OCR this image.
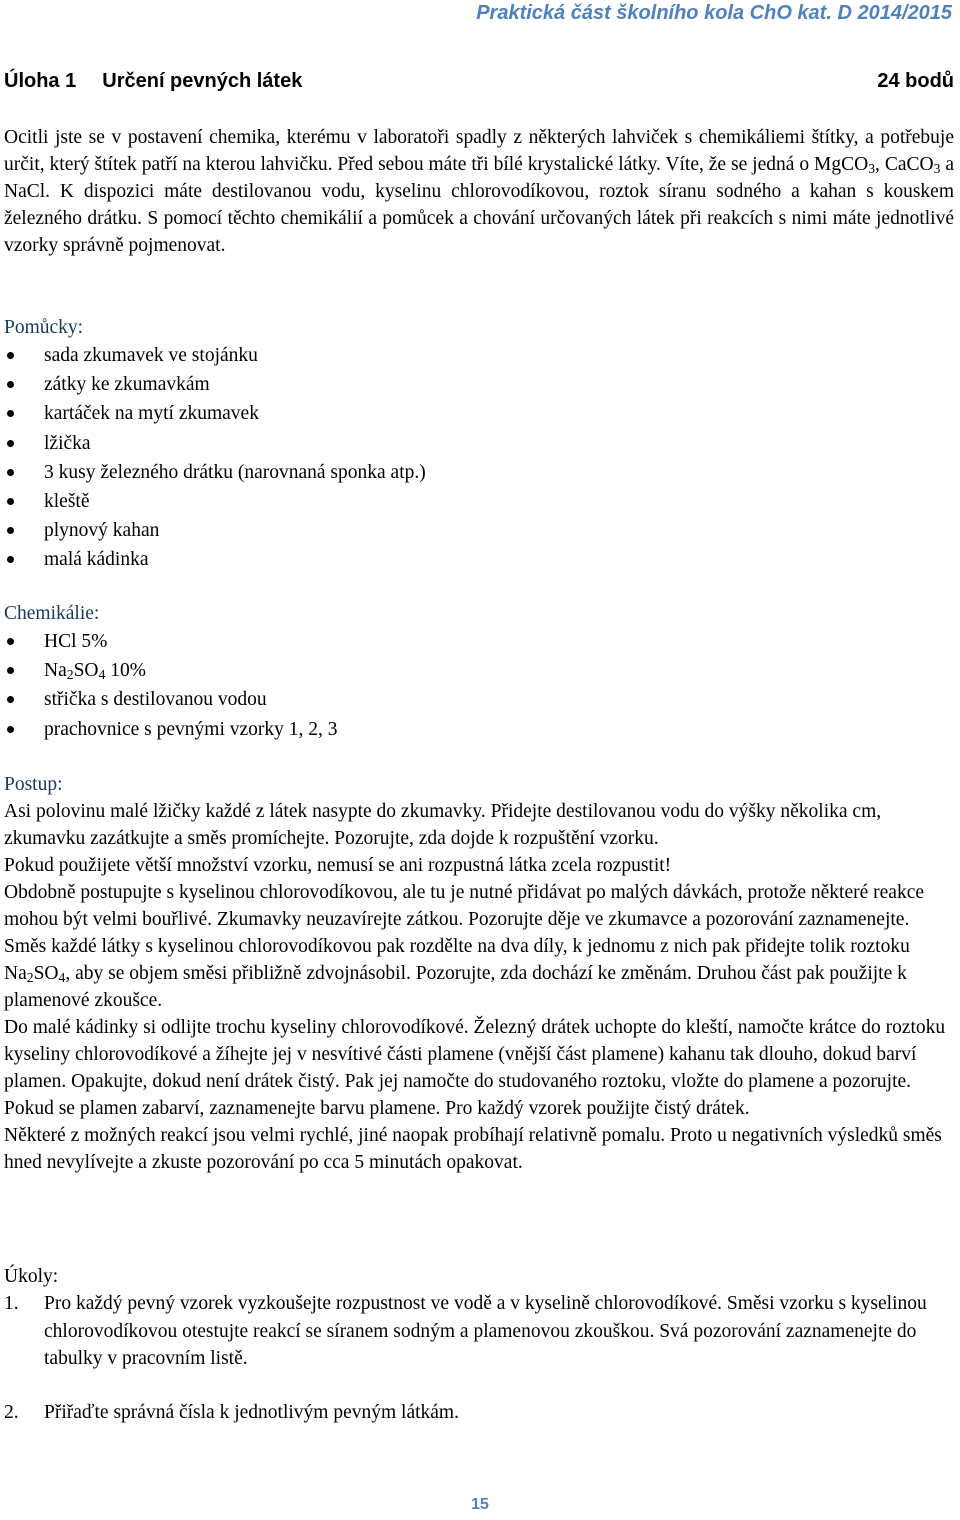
Praktická část školního kola ChO kat. D 2014/2015
Úloha 1 Určení pevných látek	24 bodů
Ocitli jste se v postavení chemika, kterému v laboratoři spadly z některých lahviček s chemikáliemi štítky, a potřebuje určit, který štítek patří na kterou lahvičku. Před sebou máte tři bílé krystalické látky. Víte, že se jedná o MgCO$_3$, CaCO$_3$ a NaCl. K dispozici máte destilovanou vodu, kyselinu chlorovodíkovou, roztok síranu sodného a kahan s kouskem železného drátku. S pomocí těchto chemikálií a pomůcek a chování určovaných látek při reakcích s nimi máte jednotlivé vzorky správně pojmenovat.
Pomůcky:
sada zkumavek ve stojánku
zátky ke zkumavkám
kartáček na mytí zkumavek
lžička
3 kusy železného drátku (narovnaná sponka atp.)
kleště
plynový kahan
malá kádinka
Chemikálie:
HCl 5%
$Na_2SO_4$ 10%
střička s destilovanou vodou
prachovnice s pevnými vzorky 1, 2, 3
Postup:

Asi polovinu malé lžičky každé z látek nasypte do zkumavky. Přidejte destilovanou vodu do výšky několika cm, zkumavku zazátkujte a směs promíchejte. Pozorujte, zda dojde k rozpuštění vzorku.

Pokud použijete větší množství vzorku, nemusí se ani rozpustná látka zcela rozpustit!

Obdobně postupujte s kyselinou chlorovodíkovou, ale tu je nutné přidávat po malých dávkách, protože některé reakce mohou být velmi bouřlivé. Zkumavky neuzavírejte zátkou. Pozorujte děje ve zkumavce a pozorování zaznamenejte.

Směs každé látky s kyselinou chlorovodíkovou pak rozdělte na dva díly, k jednomu z nich pak přidejte tolik roztoku $Na_2SO_4$, aby se objem směsi přibližně zdvojnásobil. Pozorujte, zda dochází ke změnám. Druhou část pak použijte k plamenové zkoušce.

Do malé kádinky si odlijte trochu kyseliny chlorovodíkové. Železný drátek uchopte do kleští, namočte krátce do roztoku kyseliny chlorovodíkové a žíhejte jej v nesvítivé části plamene (vnější část plamene) kahanu tak dlouho, dokud barví plamen. Opakujte, dokud není drátek čistý. Pak jej namočte do studovaného roztoku, vložte do plamene a pozorujte. Pokud se plamen zabarví, zaznamenejte barvu plamene. Pro každý vzorek použijte čistý drátek.

Některé z možných reakcí jsou velmi rychlé, jiné naopak probíhají relativně pomalu. Proto u negativních výsledků směs hned nevylívejte a zkuste pozorování po cca 5 minutách opakovat.

Úkoly:
1.	Pro každý pevný vzorek vyzkoušejte rozpustnost ve vodě a v kyselině chlorovodíkové. Směsi vzorku s kyselinou chlorovodíkovou otestujte reakcí se síranem sodným a plamenovou zkouškou. Svá pozorování zaznamenejte do tabulky v pracovním listě.
2.	Přiřaďte správná čísla k jednotlivým pevným látkám.
15
